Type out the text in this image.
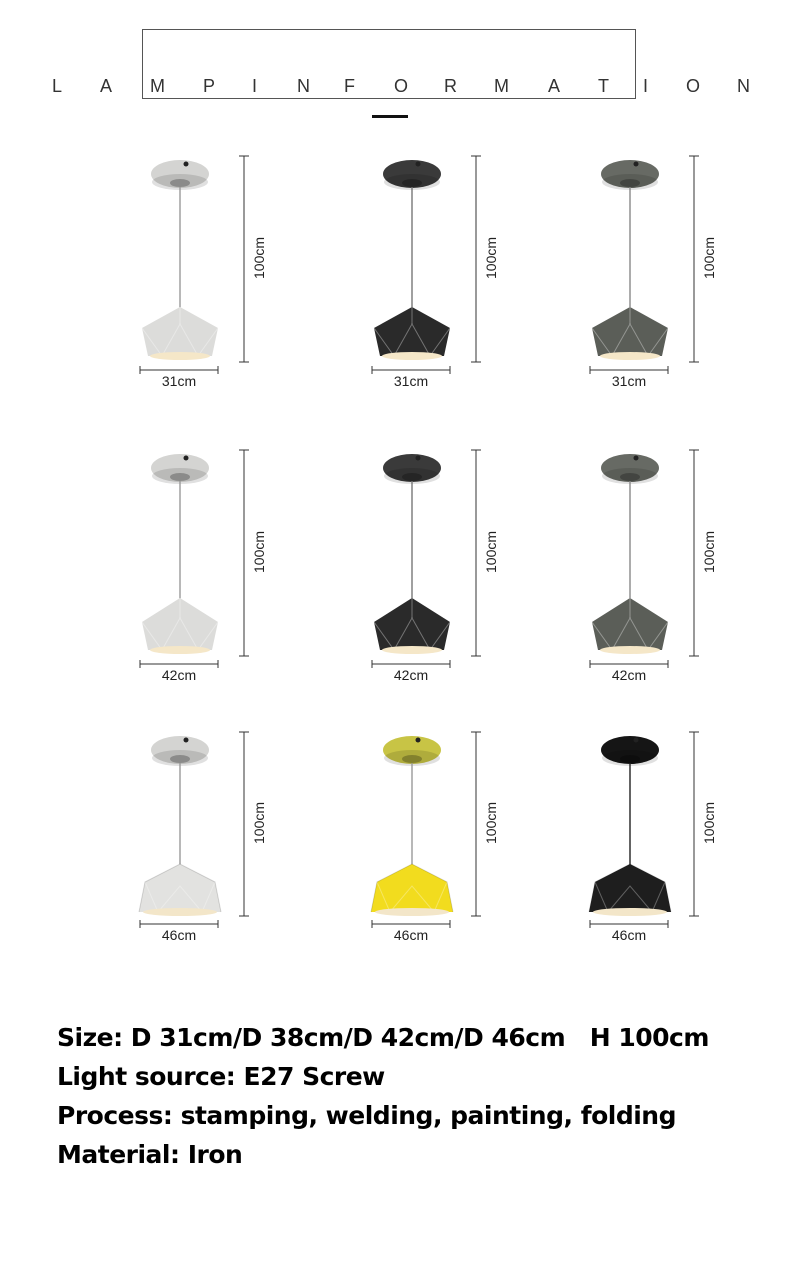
L A M P I N F O R M A T I O N
100cm
31cm
100cm
31cm
100cm
31cm
100cm
42cm
100cm
42cm
100cm
42cm
100cm
46cm
100cm
46cm
100cm
46cm
Size: D 31cm/D 38cm/D 42cm/D 46cm   H 100cm
Light source: E27 Screw
Process: stamping, welding, painting, folding
Material: Iron
